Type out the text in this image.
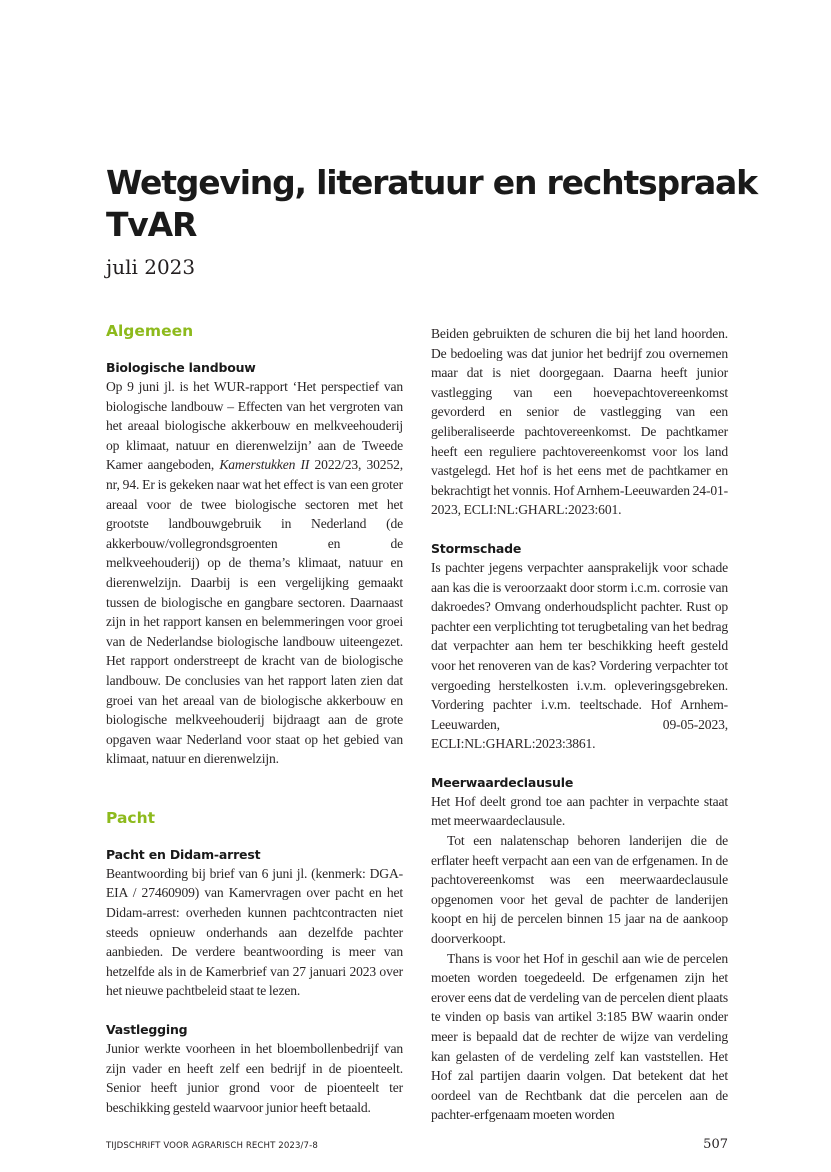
Wetgeving, literatuur en rechtspraak
TvAR
juli 2023
Algemeen
Biologische landbouw

Op 9 juni jl. is het WUR-rapport ‘Het perspectief van biologische landbouw – Effecten van het vergroten van het areaal biologische akkerbouw en melkveehouderij op klimaat, natuur en dierenwelzijn’ aan de Tweede Kamer aangeboden, Kamerstukken II 2022/23, 30252, nr, 94. Er is gekeken naar wat het effect is van een groter areaal voor de twee biologische sectoren met het grootste landbouwgebruik in Nederland (de akkerbouw/vollegrondsgroenten en de melkveehouderij) op de thema’s klimaat, natuur en dierenwelzijn. Daarbij is een vergelijking gemaakt tussen de biologische en gangbare sectoren. Daarnaast zijn in het rapport kansen en belemmeringen voor groei van de Nederlandse biologische landbouw uiteengezet. Het rapport onderstreept de kracht van de biologische landbouw. De conclusies van het rapport laten zien dat groei van het areaal van de biologische akkerbouw en biologische melkveehouderij bijdraagt aan de grote opgaven waar Nederland voor staat op het gebied van klimaat, natuur en dierenwelzijn.

Pacht
Pacht en Didam-arrest

Beantwoording bij brief van 6 juni jl. (kenmerk: DGA-EIA / 27460909) van Kamervragen over pacht en het Didam-arrest: overheden kunnen pachtcontracten niet steeds opnieuw onderhands aan dezelfde pachter aanbieden. De verdere beantwoording is meer van hetzelfde als in de Kamerbrief van 27 januari 2023 over het nieuwe pachtbeleid staat te lezen.

Vastlegging

Junior werkte voorheen in het bloembollenbedrijf van zijn vader en heeft zelf een bedrijf in de pioenteelt. Senior heeft junior grond voor de pioenteelt ter beschikking gesteld waarvoor junior heeft betaald.

Beiden gebruikten de schuren die bij het land hoorden. De bedoeling was dat junior het bedrijf zou overnemen maar dat is niet doorgegaan. Daarna heeft junior vastlegging van een hoevepachtovereenkomst gevorderd en senior de vastlegging van een geliberaliseerde pachtovereenkomst. De pachtkamer heeft een reguliere pachtovereenkomst voor los land vastgelegd. Het hof is het eens met de pachtkamer en bekrachtigt het vonnis. Hof Arnhem-Leeuwarden 24-01-2023, ECLI:NL:GHARL:2023:601.

Stormschade

Is pachter jegens verpachter aansprakelijk voor schade aan kas die is veroorzaakt door storm i.c.m. corrosie van dakroedes? Omvang onderhoudsplicht pachter. Rust op pachter een verplichting tot terugbetaling van het bedrag dat verpachter aan hem ter beschikking heeft gesteld voor het renoveren van de kas? Vordering verpachter tot vergoeding herstelkosten i.v.m. opleveringsgebreken. Vordering pachter i.v.m. teeltschade. Hof Arnhem-Leeuwarden, 09-05-2023, ECLI:NL:GHARL:2023:3861.

Meerwaardeclausule

Het Hof deelt grond toe aan pachter in verpachte staat met meerwaardeclausule.

Tot een nalatenschap behoren landerijen die de erflater heeft verpacht aan een van de erfgenamen. In de pachtovereenkomst was een meerwaardeclausule opgenomen voor het geval de pachter de landerijen koopt en hij de percelen binnen 15 jaar na de aankoop doorverkoopt.

Thans is voor het Hof in geschil aan wie de percelen moeten worden toegedeeld. De erfgenamen zijn het erover eens dat de verdeling van de percelen dient plaats te vinden op basis van artikel 3:185 BW waarin onder meer is bepaald dat de rechter de wijze van verdeling kan gelasten of de verdeling zelf kan vaststellen. Het Hof zal partijen daarin volgen. Dat betekent dat het oordeel van de Rechtbank dat die percelen aan de pachter-erfgenaam moeten worden

TIJDSCHRIFT VOOR AGRARISCH RECHT 2023/7-8	507
